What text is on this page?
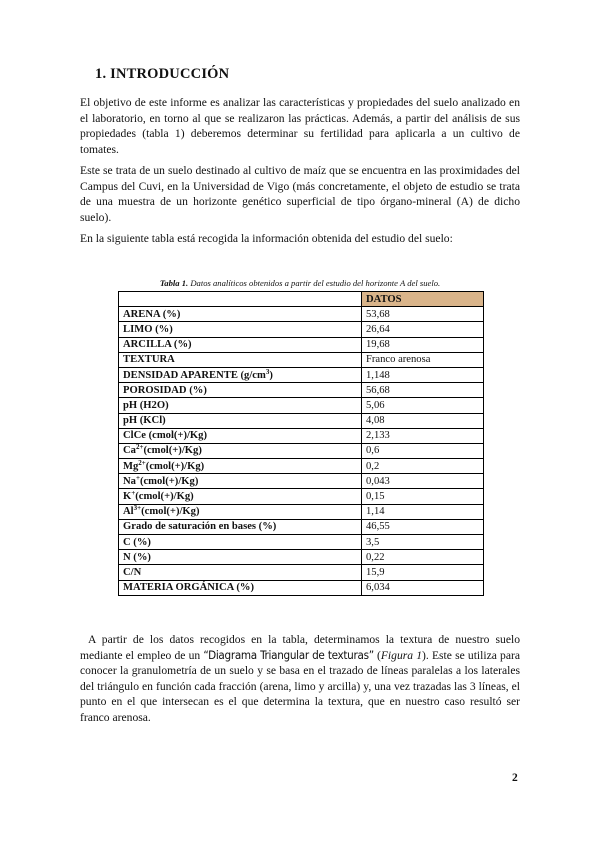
1. INTRODUCCIÓN

El objetivo de este informe es analizar las características y propiedades del suelo analizado en el laboratorio, en torno al que se realizaron las prácticas. Además, a partir del análisis de sus propiedades (tabla 1) deberemos determinar su fertilidad para aplicarla a un cultivo de tomates.

Este se trata de un suelo destinado al cultivo de maíz que se encuentra en las proximidades del Campus del Cuvi, en la Universidad de Vigo (más concretamente, el objeto de estudio se trata de una muestra de un horizonte genético superficial de tipo órgano-mineral (A) de dicho suelo).

En la siguiente tabla está recogida la información obtenida del estudio del suelo:

Tabla 1. Datos analíticos obtenidos a partir del estudio del horizonte A del suelo.

	DATOS
ARENA (%)	53,68
LIMO (%)	26,64
ARCILLA (%)	19,68
TEXTURA	Franco arenosa
DENSIDAD APARENTE $(g/cm^3)$	1,148
POROSIDAD (%)	56,68
pH (H2O)	5,06
pH (KCl)	4,08
ClCe (cmol(+)/Kg)	2,133
$Ca^{2+}(cmol(+)/Kg)$	0,6
$Mg^{2+}(cmol(+)/Kg)$	0,2
Na+(cmol(+)/Kg)	0,043
K+(cmol(+)/Kg)	0,15
$Al^{3+}(cmol(+)/Kg)$	1,14
Grado de saturación en bases (%)	46,55
C (%)	3,5
N (%)	0,22
C/N	15,9
MATERIA ORGÁNICA (%)	6,034

A partir de los datos recogidos en la tabla, determinamos la textura de nuestro suelo mediante el empleo de un “Diagrama Triangular de texturas” (Figura 1). Este se utiliza para conocer la granulometría de un suelo y se basa en el trazado de líneas paralelas a los laterales del triángulo en función cada fracción (arena, limo y arcilla) y, una vez trazadas las 3 líneas, el punto en el que intersecan es el que determina la textura, que en nuestro caso resultó ser franco arenosa.

2
